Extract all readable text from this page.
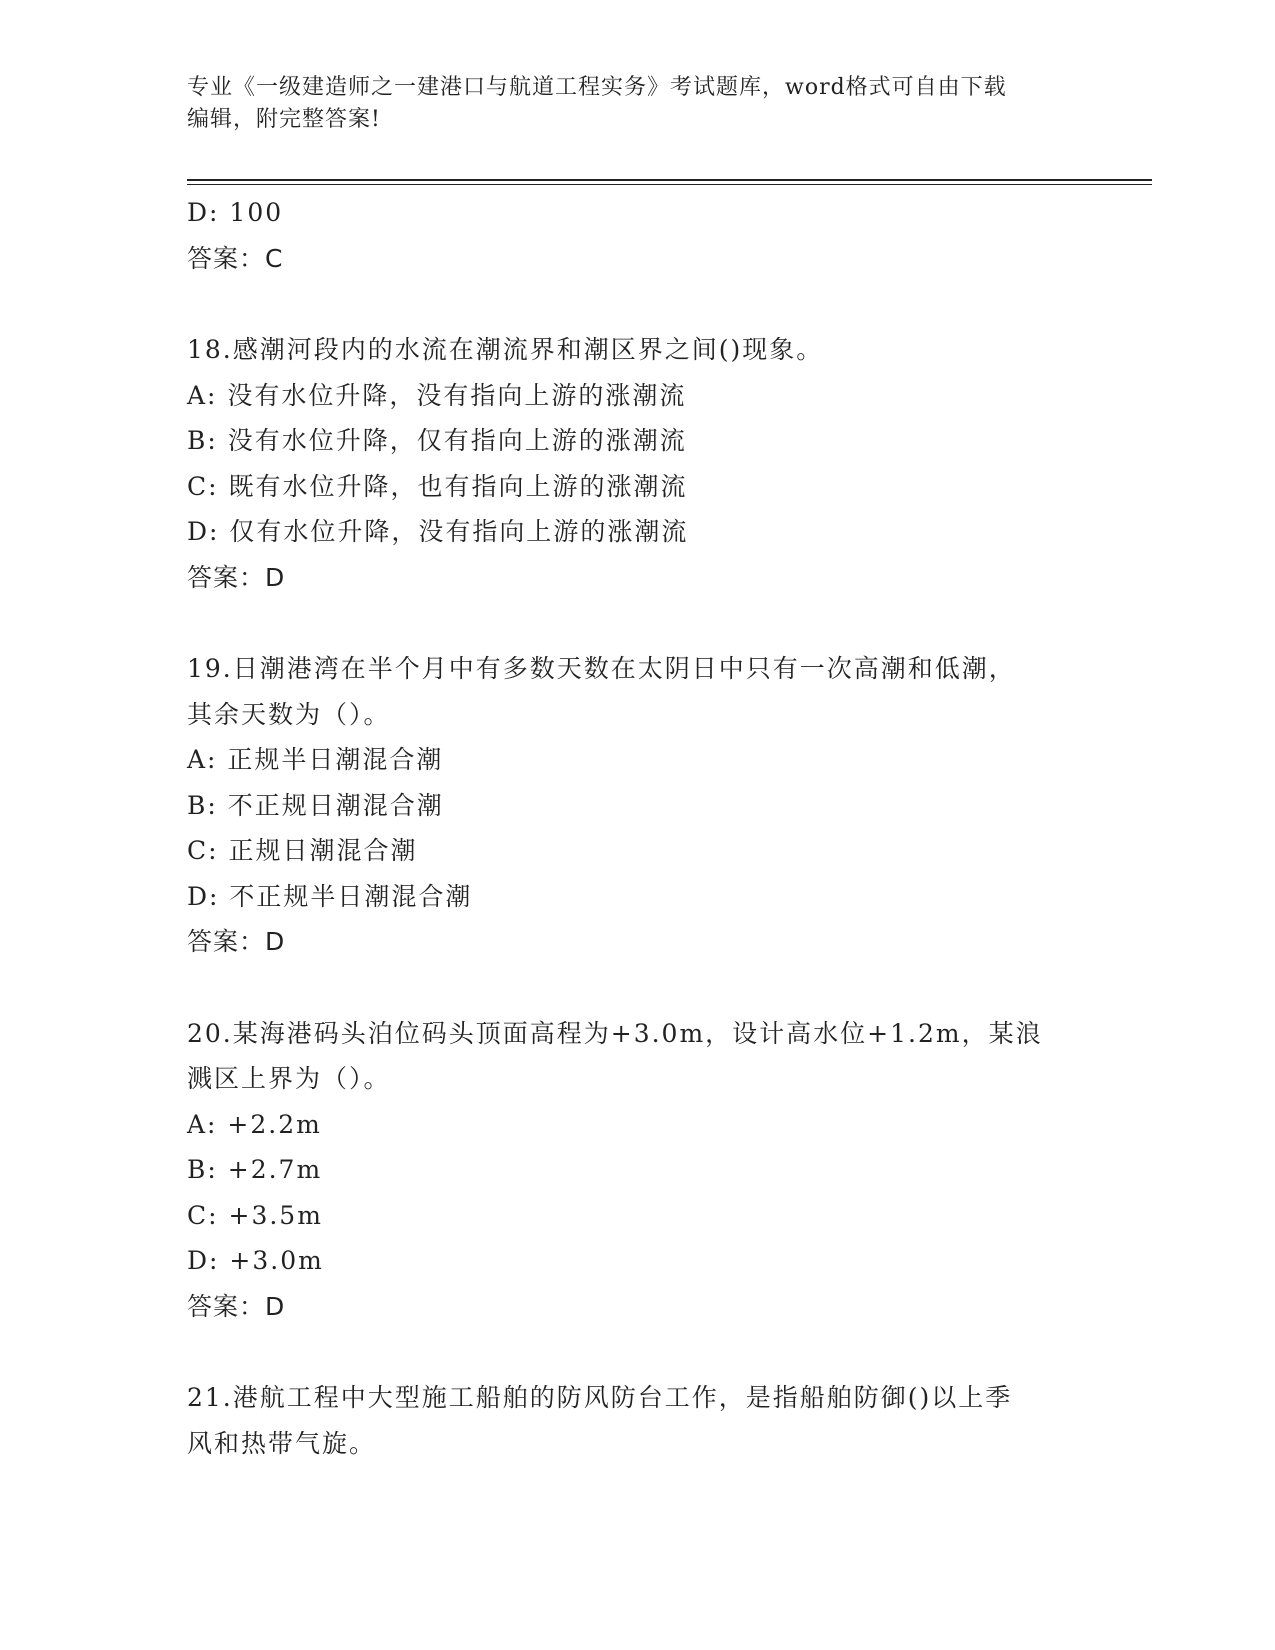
专业《一级建造师之一建港口与航道工程实务》考试题库，word格式可自由下载
编辑，附完整答案!
D: 100
答案：C
18.感潮河段内的水流在潮流界和潮区界之间()现象。
A: 没有水位升降，没有指向上游的涨潮流
B: 没有水位升降，仅有指向上游的涨潮流
C: 既有水位升降，也有指向上游的涨潮流
D: 仅有水位升降，没有指向上游的涨潮流
答案：D
19.日潮港湾在半个月中有多数天数在太阴日中只有一次高潮和低潮，
其余天数为（）。
A: 正规半日潮混合潮
B: 不正规日潮混合潮
C: 正规日潮混合潮
D: 不正规半日潮混合潮
答案：D
20.某海港码头泊位码头顶面高程为+3.0m，设计高水位+1.2m，某浪
溅区上界为（）。
A: +2.2m
B: +2.7m
C: +3.5m
D: +3.0m
答案：D
21.港航工程中大型施工船舶的防风防台工作，是指船舶防御()以上季
风和热带气旋。
